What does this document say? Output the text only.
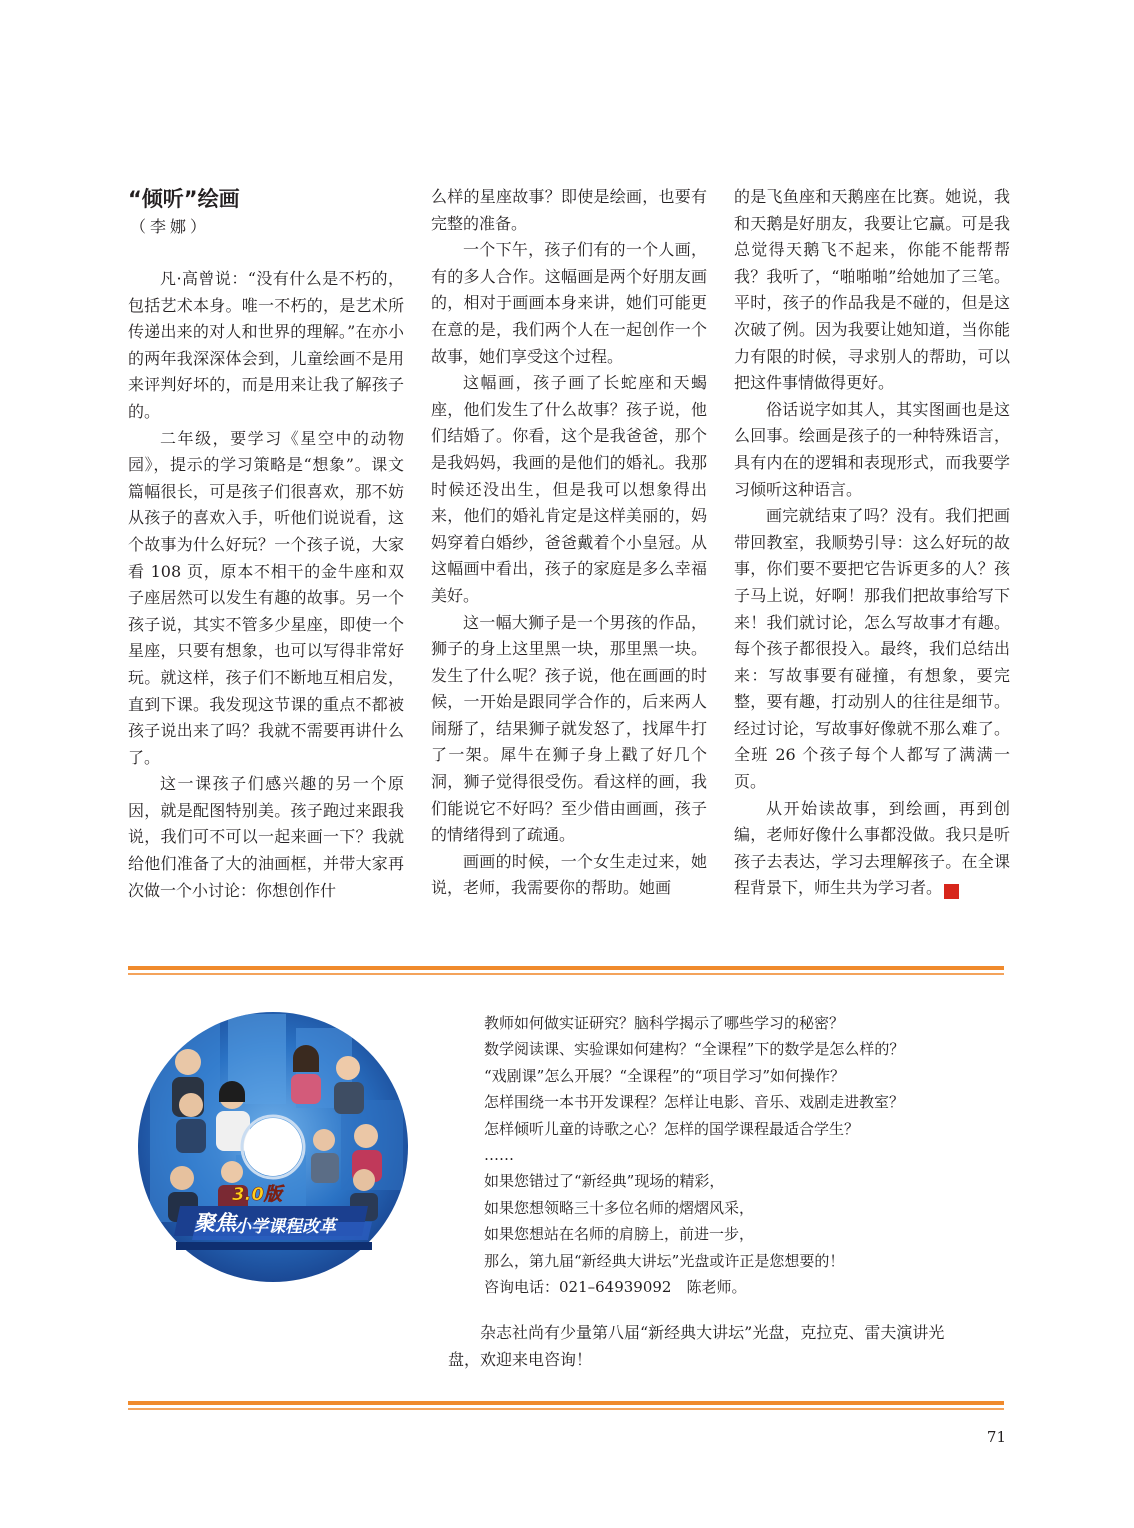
“倾听”绘画
（李娜）

凡·高曾说：“没有什么是不朽的，包括艺术本身。唯一不朽的，是艺术所传递出来的对人和世界的理解。”在亦小的两年我深深体会到，儿童绘画不是用来评判好坏的，而是用来让我了解孩子的。

二年级，要学习《星空中的动物园》，提示的学习策略是“想象”。课文篇幅很长，可是孩子们很喜欢，那不妨从孩子的喜欢入手，听他们说说看，这个故事为什么好玩？一个孩子说，大家看 108 页，原本不相干的金牛座和双子座居然可以发生有趣的故事。另一个孩子说，其实不管多少星座，即使一个星座，只要有想象，也可以写得非常好玩。就这样，孩子们不断地互相启发，直到下课。我发现这节课的重点不都被孩子说出来了吗？我就不需要再讲什么了。

这一课孩子们感兴趣的另一个原因，就是配图特别美。孩子跑过来跟我说，我们可不可以一起来画一下？我就给他们准备了大的油画框，并带大家再次做一个小讨论：你想创作什

么样的星座故事？即使是绘画，也要有完整的准备。

一个下午，孩子们有的一个人画，有的多人合作。这幅画是两个好朋友画的，相对于画画本身来讲，她们可能更在意的是，我们两个人在一起创作一个故事，她们享受这个过程。

这幅画，孩子画了长蛇座和天蝎座，他们发生了什么故事？孩子说，他们结婚了。你看，这个是我爸爸，那个是我妈妈，我画的是他们的婚礼。我那时候还没出生，但是我可以想象得出来，他们的婚礼肯定是这样美丽的，妈妈穿着白婚纱，爸爸戴着个小皇冠。从这幅画中看出，孩子的家庭是多么幸福美好。

这一幅大狮子是一个男孩的作品，狮子的身上这里黑一块，那里黑一块。发生了什么呢？孩子说，他在画画的时候，一开始是跟同学合作的，后来两人闹掰了，结果狮子就发怒了，找犀牛打了一架。犀牛在狮子身上戳了好几个洞，狮子觉得很受伤。看这样的画，我们能说它不好吗？至少借由画画，孩子的情绪得到了疏通。

画画的时候，一个女生走过来，她说，老师，我需要你的帮助。她画

的是飞鱼座和天鹅座在比赛。她说，我和天鹅是好朋友，我要让它赢。可是我总觉得天鹅飞不起来，你能不能帮帮我？我听了，“啪啪啪”给她加了三笔。平时，孩子的作品我是不碰的，但是这次破了例。因为我要让她知道，当你能力有限的时候，寻求别人的帮助，可以把这件事情做得更好。

俗话说字如其人，其实图画也是这么回事。绘画是孩子的一种特殊语言，具有内在的逻辑和表现形式，而我要学习倾听这种语言。

画完就结束了吗？没有。我们把画带回教室，我顺势引导：这么好玩的故事，你们要不要把它告诉更多的人？孩子马上说，好啊！那我们把故事给写下来！我们就讨论，怎么写故事才有趣。每个孩子都很投入。最终，我们总结出来：写故事要有碰撞，有想象，要完整，要有趣，打动别人的往往是细节。经过讨论，写故事好像就不那么难了。全班 26 个孩子每个人都写了满满一页。

从开始读故事，到绘画，再到创编，老师好像什么事都没做。我只是听孩子去表达，学习去理解孩子。在全课程背景下，师生共为学习者。	家

聚焦
3.0版
小学课程改革
教师如何做实证研究？脑科学揭示了哪些学习的秘密？
数学阅读课、实验课如何建构？“全课程”下的数学是怎么样的？
“戏剧课”怎么开展？“全课程”的“项目学习”如何操作？
怎样围绕一本书开发课程？怎样让电影、音乐、戏剧走进教室？
怎样倾听儿童的诗歌之心？怎样的国学课程最适合学生？
……
如果您错过了“新经典”现场的精彩，
如果您想领略三十多位名师的熠熠风采，
如果您想站在名师的肩膀上，前进一步，
那么，第九届“新经典大讲坛”光盘或许正是您想要的！
咨询电话：021–64939092　陈老师。

杂志社尚有少量第八届“新经典大讲坛”光盘，克拉克、雷夫演讲光盘，欢迎来电咨询！

71
